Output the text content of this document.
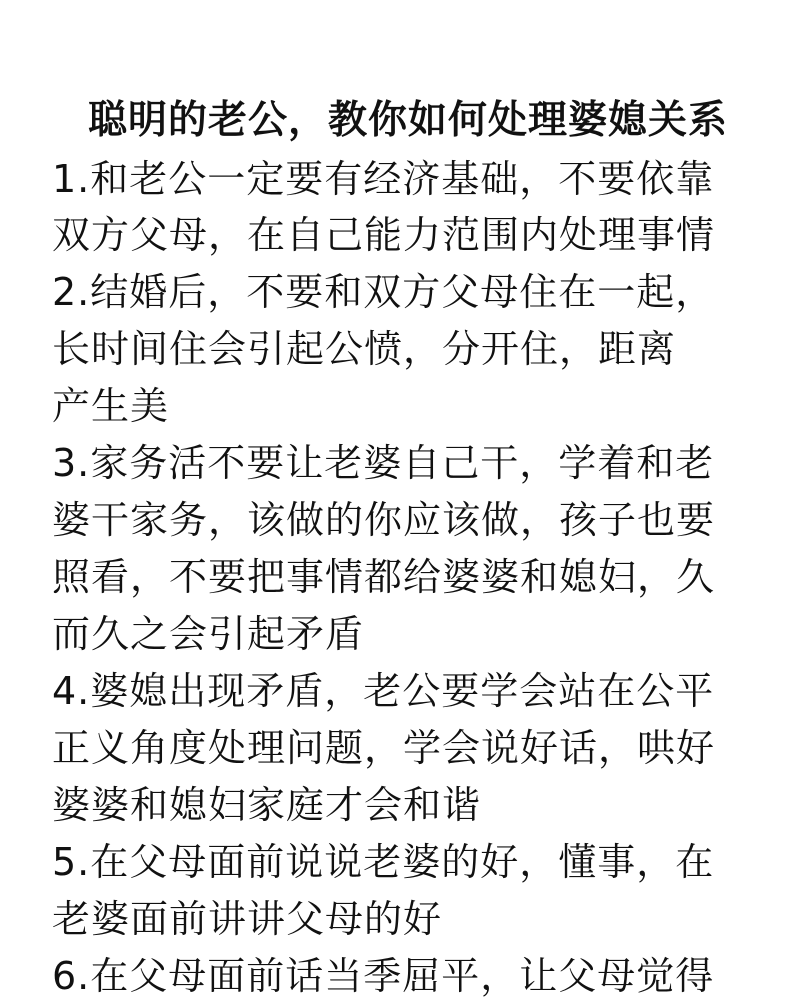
聪明的老公，教你如何处理婆媳关系
1.和老公一定要有经济基础，不要依靠
双方父母，在自己能力范围内处理事情
2.结婚后，不要和双方父母住在一起，
长时间住会引起公愤，分开住，距离
产生美
3.家务活不要让老婆自己干，学着和老
婆干家务，该做的你应该做，孩子也要
照看，不要把事情都给婆婆和媳妇，久
而久之会引起矛盾
4.婆媳出现矛盾，老公要学会站在公平
正义角度处理问题，学会说好话，哄好
婆婆和媳妇家庭才会和谐
5.在父母面前说说老婆的好，懂事，在
老婆面前讲讲父母的好
6.在父母面前话当季屈平，让父母觉得
